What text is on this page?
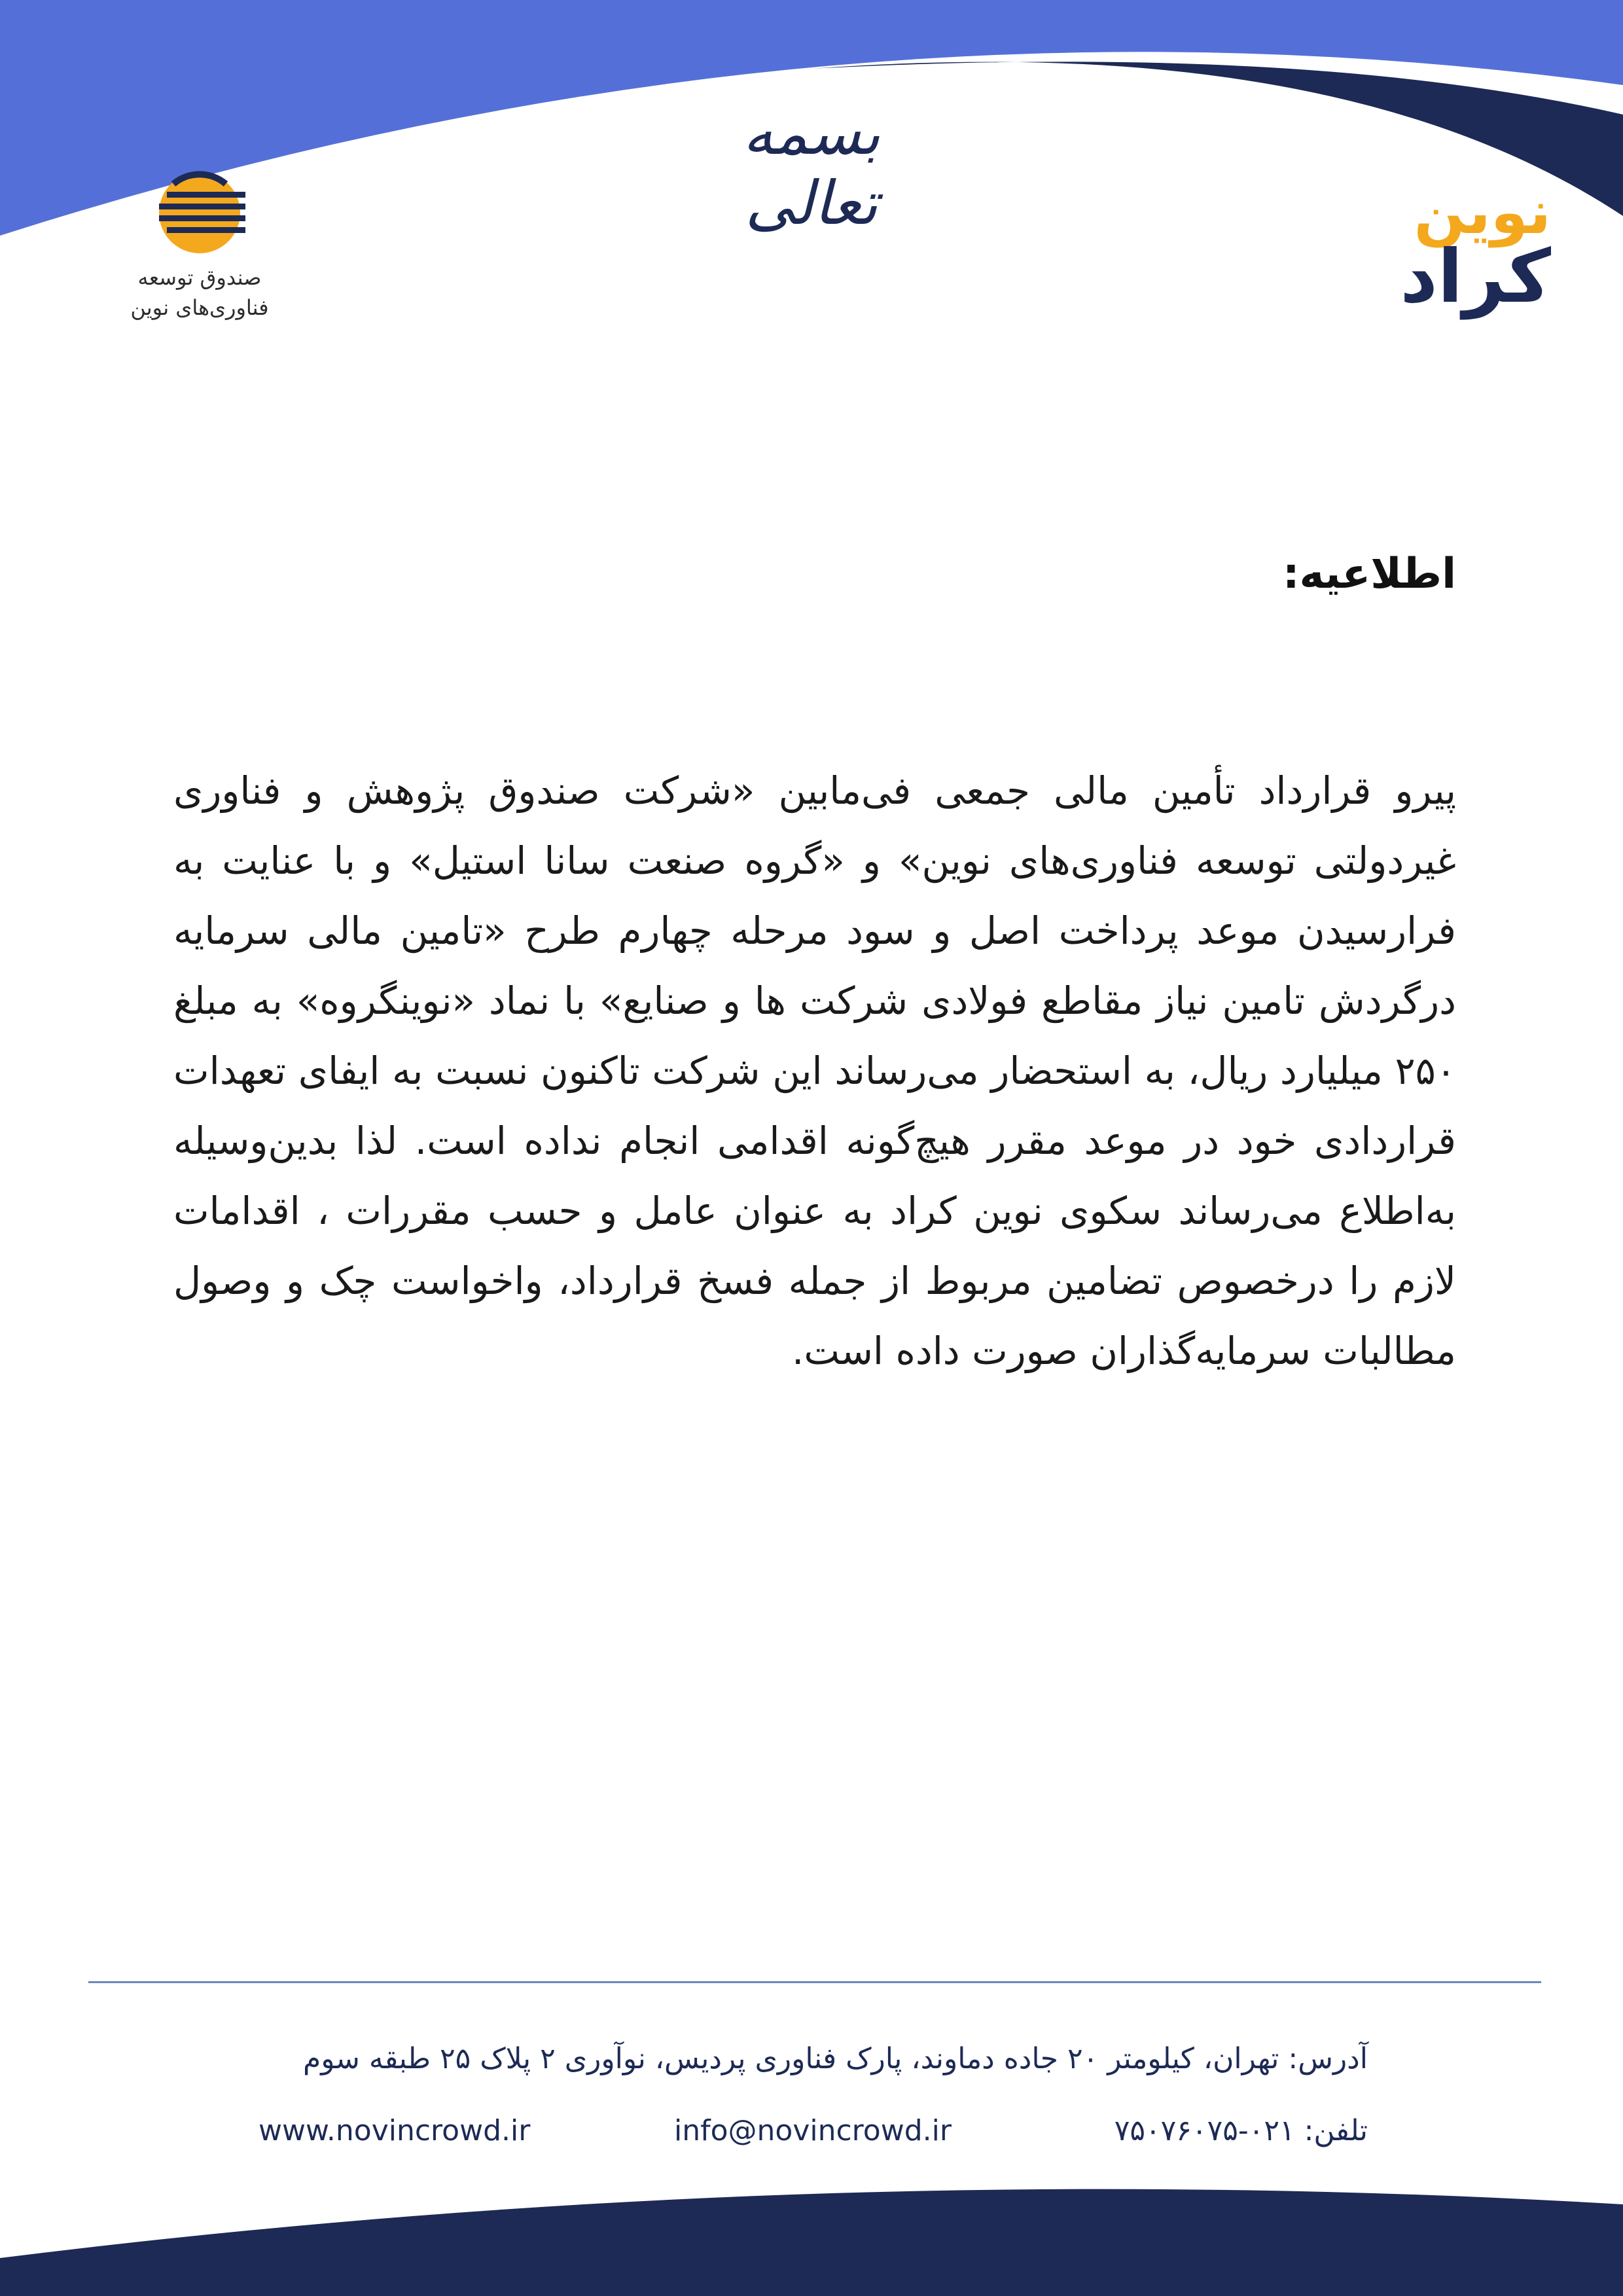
بسمه تعالی
صندوق توسعه فناوری‌های نوین
نوین
کراد
اطلاعیه:
پیرو قرارداد تأمین مالی جمعی فی‌مابین «شرکت صندوق پژوهش و فناوری غیردولتی توسعه فناوری‌های نوین» و «گروه صنعت سانا استیل» و با عنایت به فرارسیدن موعد پرداخت اصل و سود مرحله چهارم طرح «تامین مالی سرمایه درگردش تامین نیاز مقاطع فولادی شرکت ها و صنایع» با نماد «نوینگروه» به مبلغ ۲۵۰ میلیارد ریال، به استحضار می‌رساند این شرکت تاکنون نسبت به ایفای تعهدات قراردادی خود در موعد مقرر هیچ‌گونه اقدامی انجام نداده است. لذا بدین‌وسیله به‌اطلاع می‌رساند سکوی نوین کراد به عنوان عامل و حسب مقررات ، اقدامات لازم را درخصوص تضامین مربوط از جمله فسخ قرارداد، واخواست چک و وصول مطالبات سرمایه‌گذاران صورت داده است.
آدرس: تهران، کیلومتر ۲۰ جاده دماوند، پارک فناوری پردیس، نوآوری ۲ پلاک ۲۵ طبقه سوم
تلفن: ۰۲۱-۷۵۰۷۶۰۷۵
info@novincrowd.ir
www.novincrowd.ir
